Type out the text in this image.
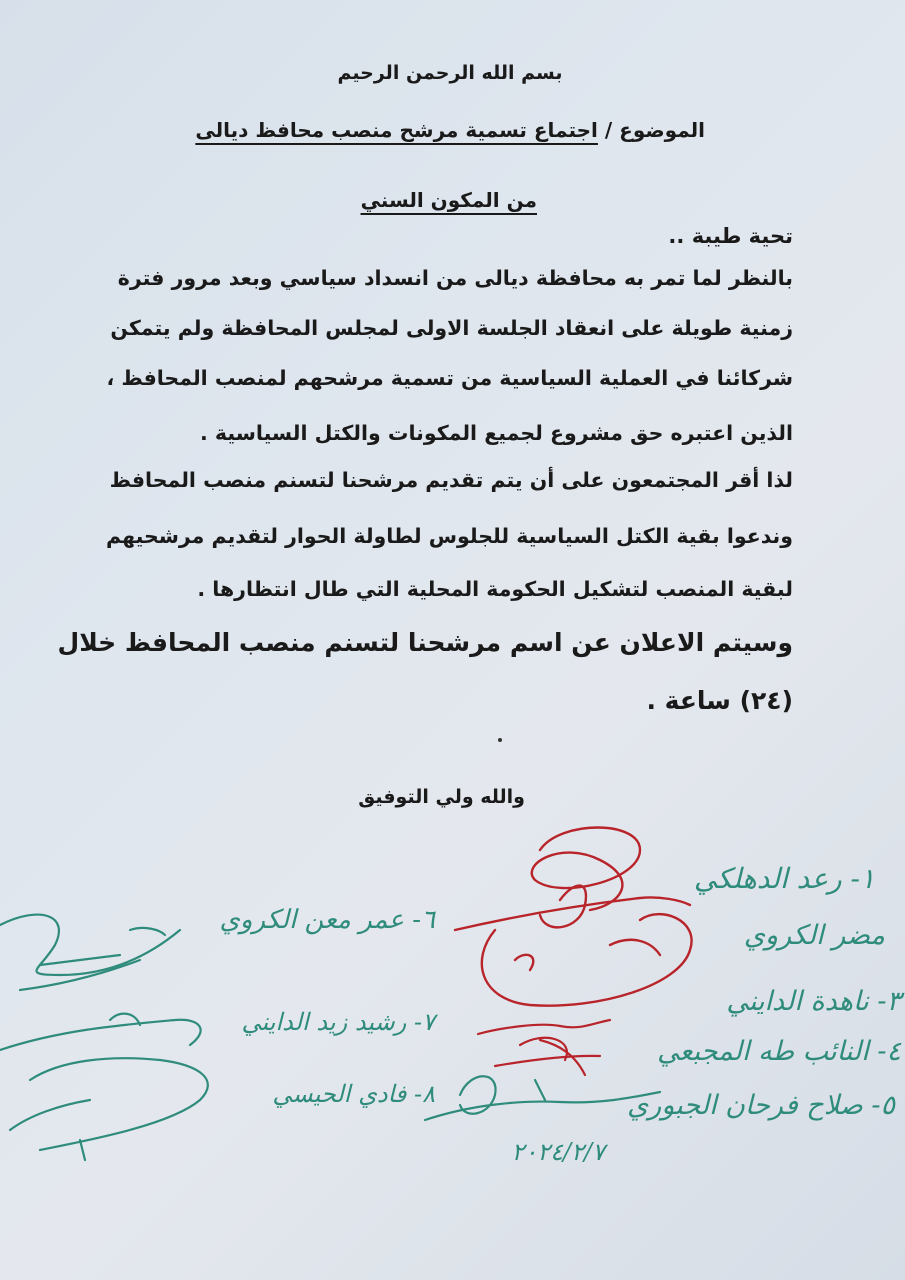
بسم الله الرحمن الرحيم
الموضوع / اجتماع تسمية مرشح منصب محافظ ديالى
من المكون السني
تحية طيبة ..
بالنظر لما تمر به محافظة ديالى من انسداد سياسي وبعد مرور فترة
زمنية طويلة على انعقاد الجلسة الاولى لمجلس المحافظة ولم يتمكن
شركائنا في العملية السياسية من تسمية مرشحهم لمنصب المحافظ ،
الذين اعتبره حق مشروع لجميع المكونات والكتل السياسية .
لذا أقر المجتمعون على أن يتم تقديم مرشحنا لتسنم منصب المحافظ
وندعوا بقية الكتل السياسية للجلوس لطاولة الحوار لتقديم مرشحيهم
لبقية المنصب لتشكيل الحكومة المحلية التي طال انتظارها .
وسيتم الاعلان عن اسم مرشحنا لتسنم منصب المحافظ خلال
(٢٤) ساعة .
والله ولي التوفيق
١- رعد الدهلكي
مضر الكروي
٣- ناهدة الدايني
٤- النائب طه المجبعي
٥- صلاح فرحان الجبوري
٦- عمر معن الكروي
٧- رشيد زيد الدايني
٨- فادي الحيسي
٢٠٢٤/٢/٧
